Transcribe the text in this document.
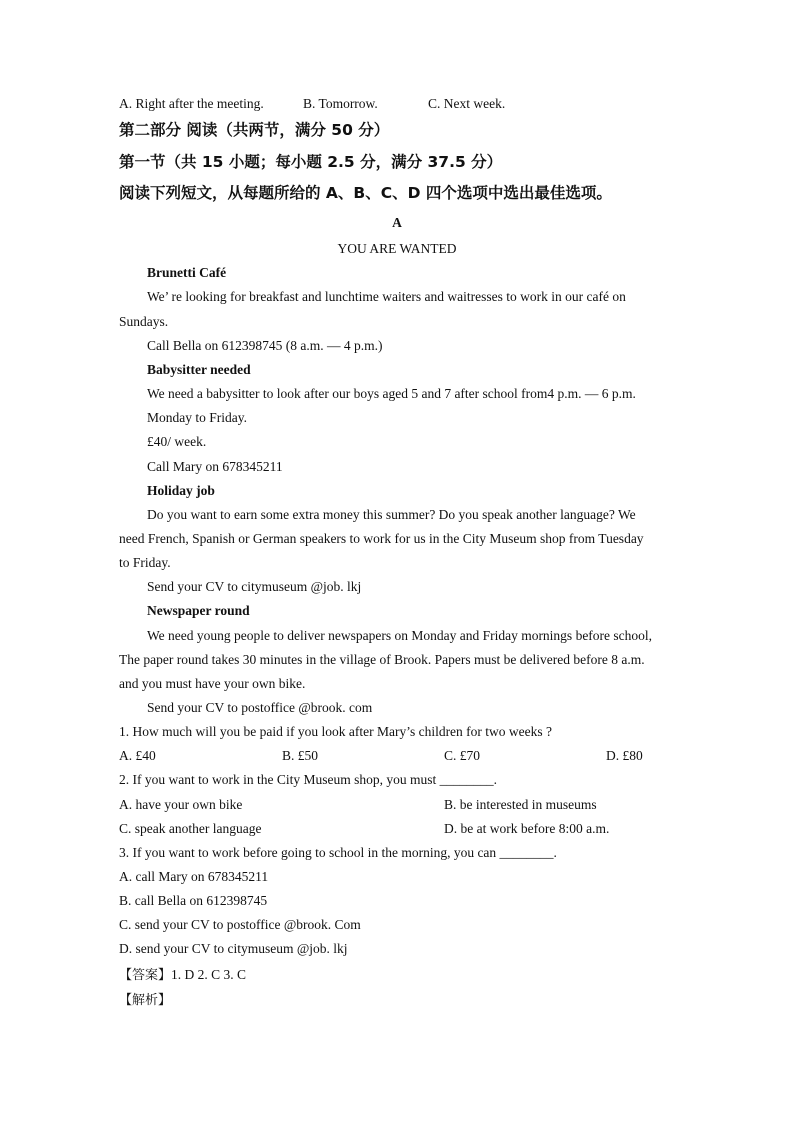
A. Right after the meeting.	B. Tomorrow.	C. Next week.
第二部分 阅读（共两节，满分 50 分）
第一节（共 15 小题；每小题 2.5 分，满分 37.5 分）
阅读下列短文，从每题所给的 A、B、C、D 四个选项中选出最佳选项。
A
YOU ARE WANTED
Brunetti Café
We’ re looking for breakfast and lunchtime waiters and waitresses to work in our café on
Sundays.
Call Bella on 612398745 (8 a.m. — 4 p.m.)
Babysitter needed
We need a babysitter to look after our boys aged 5 and 7 after school from4 p.m. — 6 p.m.
Monday to Friday.
£40/ week.
Call Mary on 678345211
Holiday job
Do you want to earn some extra money this summer? Do you speak another language? We
need French, Spanish or German speakers to work for us in the City Museum shop from Tuesday
to Friday.
Send your CV to citymuseum @job. lkj
Newspaper round
We need young people to deliver newspapers on Monday and Friday mornings before school,
The paper round takes 30 minutes in the village of Brook. Papers must be delivered before 8 a.m.
and you must have your own bike.
Send your CV to postoffice @brook. com
1. How much will you be paid if you look after Mary’s children for two weeks ?
A. £40	B. £50	C. £70	D. £80
2. If you want to work in the City Museum shop, you must ________.
A. have your own bike	B. be interested in museums
C. speak another language	D. be at work before 8:00 a.m.
3. If you want to work before going to school in the morning, you can ________.
A. call Mary on 678345211
B. call Bella on 612398745
C. send your CV to postoffice @brook. Com
D. send your CV to citymuseum @job. lkj
【答案】1. D 2. C 3. C
【解析】
